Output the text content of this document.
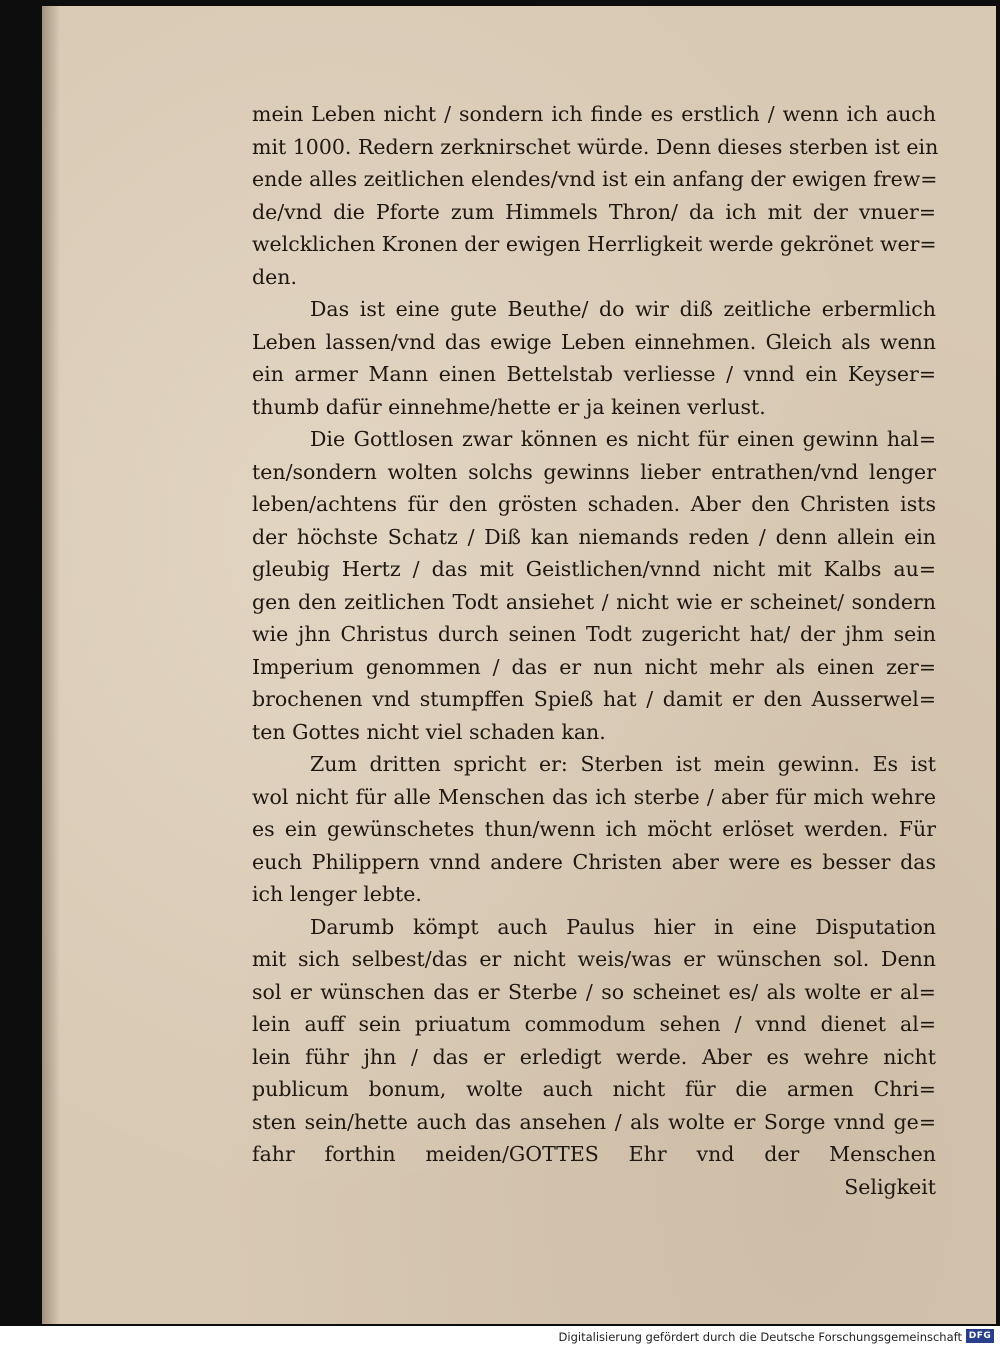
mein Leben nicht / sondern ich finde es erstlich / wenn ich auch
mit 1000. Redern zerknirschet würde. Denn dieses sterben ist ein
ende alles zeitlichen elendes/vnd ist ein anfang der ewigen frew=
de/vnd die Pforte zum Himmels Thron/ da ich mit der vnuer=
welcklichen Kronen der ewigen Herrligkeit werde gekrönet wer=
den.
Das ist eine gute Beuthe/ do wir diß zeitliche erbermlich
Leben lassen/vnd das ewige Leben einnehmen. Gleich als wenn
ein armer Mann einen Bettelstab verliesse / vnnd ein Keyser=
thumb dafür einnehme/hette er ja keinen verlust.
Die Gottlosen zwar können es nicht für einen gewinn hal=
ten/sondern wolten solchs gewinns lieber entrathen/vnd lenger
leben/achtens für den grösten schaden. Aber den Christen ists
der höchste Schatz / Diß kan niemands reden / denn allein ein
gleubig Hertz / das mit Geistlichen/vnnd nicht mit Kalbs au=
gen den zeitlichen Todt ansiehet / nicht wie er scheinet/ sondern
wie jhn Christus durch seinen Todt zugericht hat/ der jhm sein
Imperium genommen / das er nun nicht mehr als einen zer=
brochenen vnd stumpffen Spieß hat / damit er den Ausserwel=
ten Gottes nicht viel schaden kan.
Zum dritten spricht er: Sterben ist mein gewinn. Es ist
wol nicht für alle Menschen das ich sterbe / aber für mich wehre
es ein gewünschetes thun/wenn ich möcht erlöset werden. Für
euch Philippern vnnd andere Christen aber were es besser das
ich lenger lebte.
Darumb kömpt auch Paulus hier in eine Disputation
mit sich selbest/das er nicht weis/was er wünschen sol. Denn
sol er wünschen das er Sterbe / so scheinet es/ als wolte er al=
lein auff sein priuatum commodum sehen / vnnd dienet al=
lein führ jhn / das er erledigt werde. Aber es wehre nicht
publicum bonum, wolte auch nicht für die armen Chri=
sten sein/hette auch das ansehen / als wolte er Sorge vnnd ge=
fahr forthin meiden/GOTTES Ehr vnd der Menschen
Seligkeit
Digitalisierung gefördert durch die Deutsche Forschungsgemeinschaft DFG
